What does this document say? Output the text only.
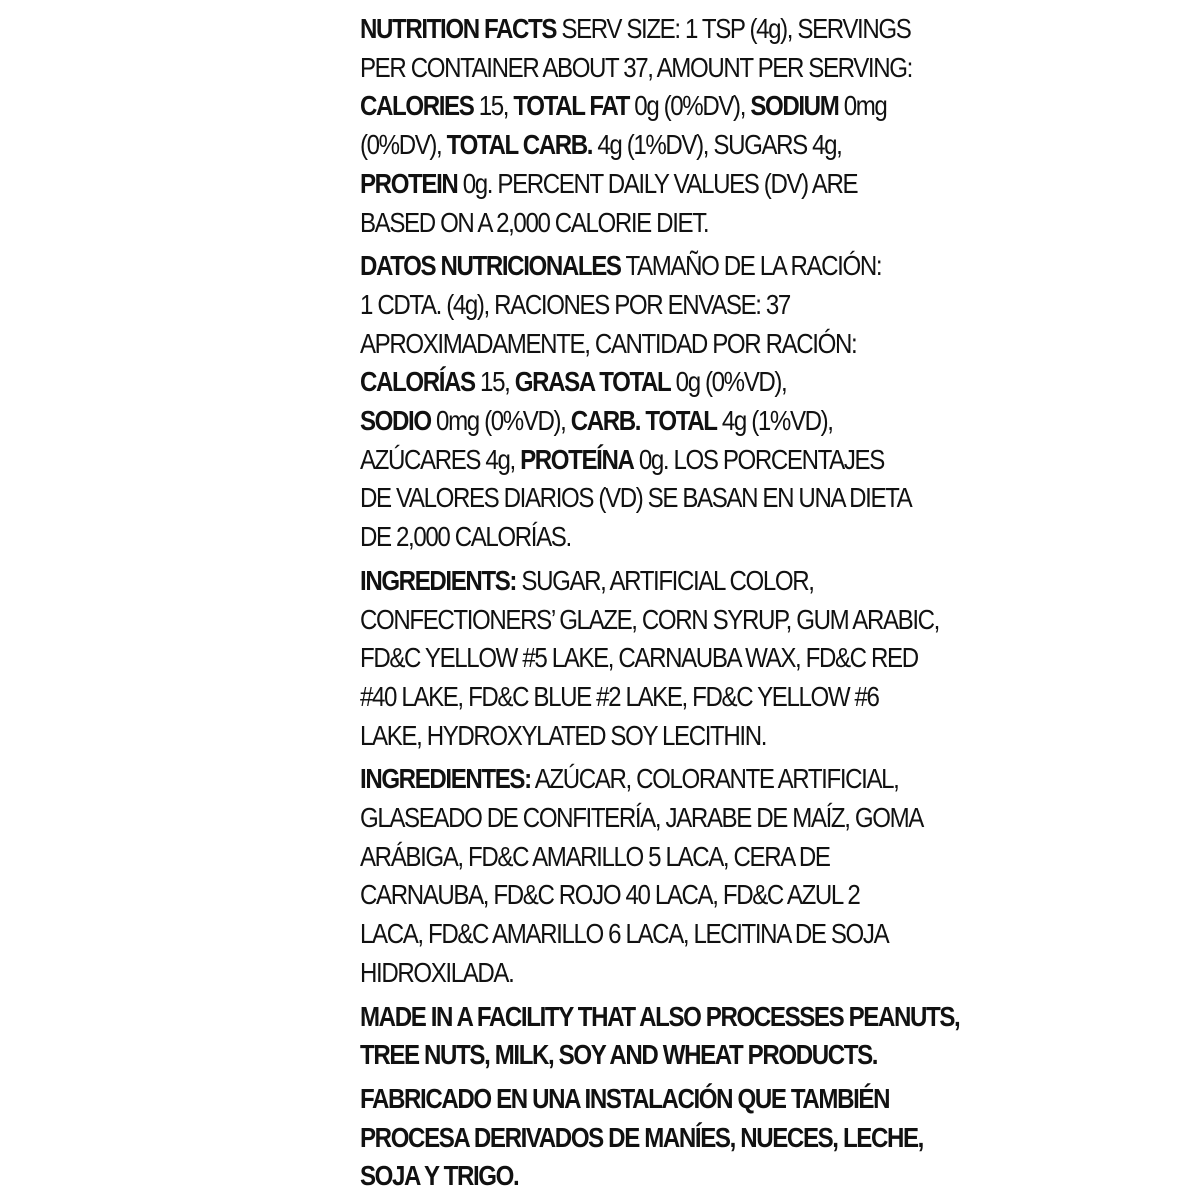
NUTRITION FACTS SERV SIZE: 1 TSP (4g), SERVINGS
PER CONTAINER ABOUT 37, AMOUNT PER SERVING:
CALORIES 15, TOTAL FAT 0g (0%DV), SODIUM 0mg
(0%DV), TOTAL CARB. 4g (1%DV), SUGARS 4g,
PROTEIN 0g. PERCENT DAILY VALUES (DV) ARE
BASED ON A 2,000 CALORIE DIET.
DATOS NUTRICIONALES TAMAÑO DE LA RACIÓN:
1 CDTA. (4g), RACIONES POR ENVASE: 37
APROXIMADAMENTE, CANTIDAD POR RACIÓN:
CALORÍAS 15, GRASA TOTAL 0g (0%VD),
SODIO 0mg (0%VD), CARB. TOTAL 4g (1%VD),
AZÚCARES 4g, PROTEÍNA 0g. LOS PORCENTAJES
DE VALORES DIARIOS (VD) SE BASAN EN UNA DIETA
DE 2,000 CALORÍAS.
INGREDIENTS: SUGAR, ARTIFICIAL COLOR,
CONFECTIONERS’ GLAZE, CORN SYRUP, GUM ARABIC,
FD&C YELLOW #5 LAKE, CARNAUBA WAX, FD&C RED
#40 LAKE, FD&C BLUE #2 LAKE, FD&C YELLOW #6
LAKE, HYDROXYLATED SOY LECITHIN.
INGREDIENTES: AZÚCAR, COLORANTE ARTIFICIAL,
GLASEADO DE CONFITERÍA, JARABE DE MAÍZ, GOMA
ARÁBIGA, FD&C AMARILLO 5 LACA, CERA DE
CARNAUBA, FD&C ROJO 40 LACA, FD&C AZUL 2
LACA, FD&C AMARILLO 6 LACA, LECITINA DE SOJA
HIDROXILADA.
MADE IN A FACILITY THAT ALSO PROCESSES PEANUTS,
TREE NUTS, MILK, SOY AND WHEAT PRODUCTS.
FABRICADO EN UNA INSTALACIÓN QUE TAMBIÉN
PROCESA DERIVADOS DE MANÍES, NUECES, LECHE,
SOJA Y TRIGO.
